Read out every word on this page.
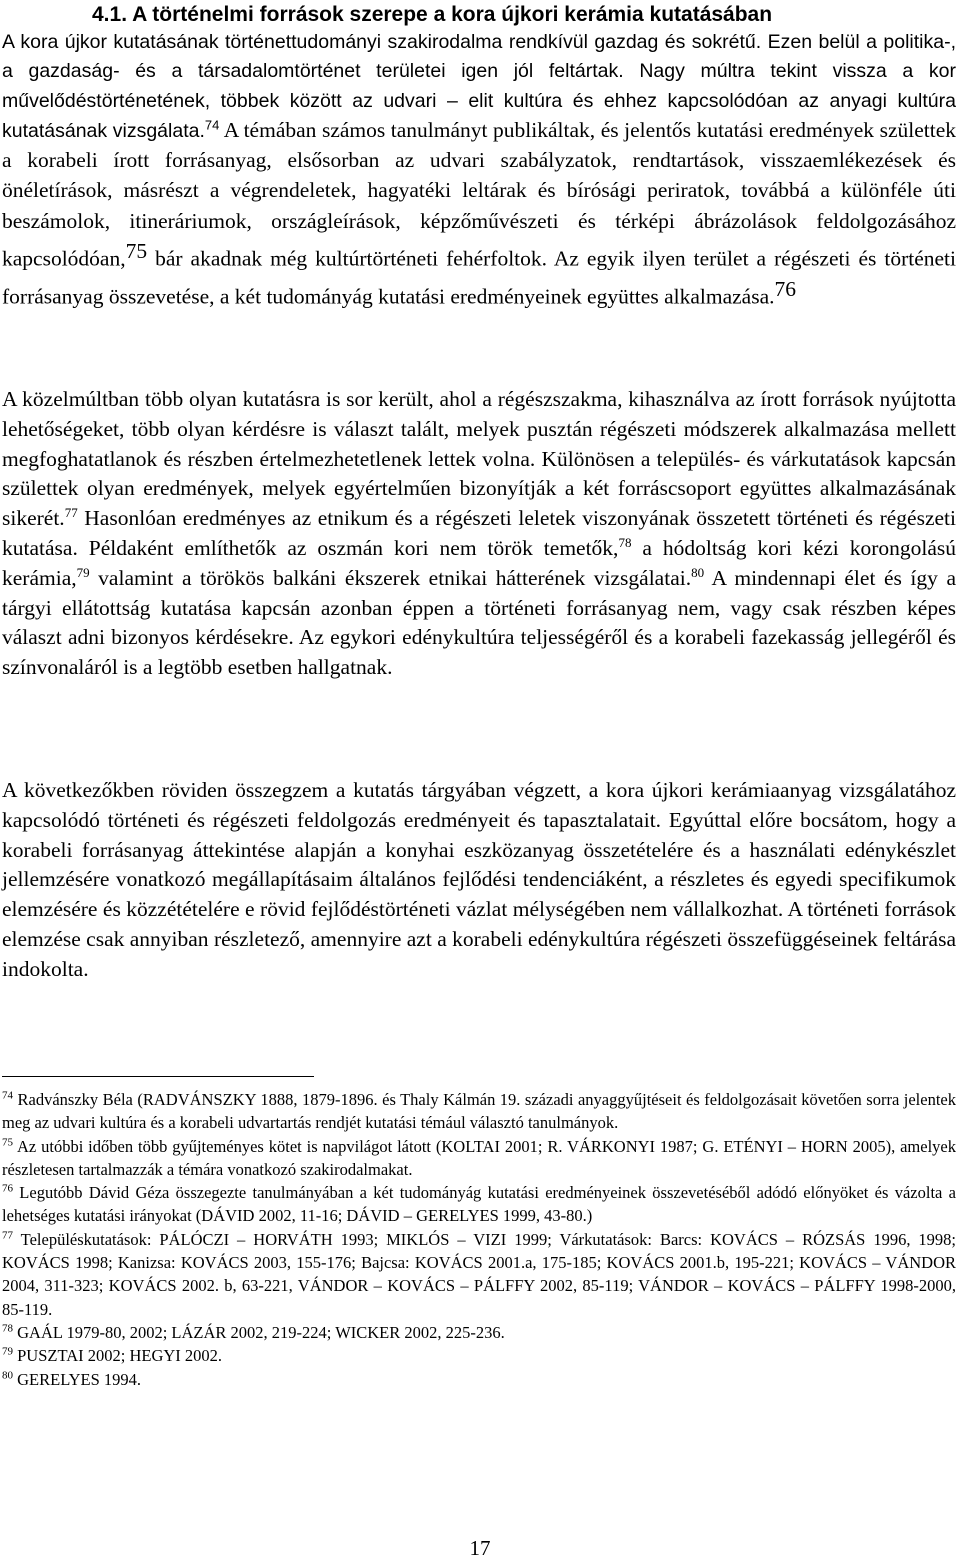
4.1. A történelmi források szerepe a kora újkori kerámia kutatásában

A kora újkor kutatásának történettudományi szakirodalma rendkívül gazdag és sokrétű. Ezen belül a politika-, a gazdaság- és a társadalomtörténet területei igen jól feltártak. Nagy múltra tekint vissza a kor művelődéstörténetének, többek között az udvari – elit kultúra és ehhez kapcsolódóan az anyagi kultúra kutatásának vizsgálata.$^{74}$ A témában számos tanulmányt publikáltak, és jelentős kutatási eredmények születtek a korabeli írott forrásanyag, elsősorban az udvari szabályzatok, rendtartások, visszaemlékezések és önéletírások, másrészt a végrendeletek, hagyatéki leltárak és bírósági periratok, továbbá a különféle úti beszámolok, itineráriumok, országleírások, képzőművészeti és térképi ábrázolások feldolgozásához kapcsolódóan,$^{75}$ bár akadnak még kultúrtörténeti fehérfoltok. Az egyik ilyen terület a régészeti és történeti forrásanyag összevetése, a két tudományág kutatási eredményeinek együttes alkalmazása.$^{76}$

A közelmúltban több olyan kutatásra is sor került, ahol a régészszakma, kihasználva az írott források nyújtotta lehetőségeket, több olyan kérdésre is választ talált, melyek pusztán régészeti módszerek alkalmazása mellett megfoghatatlanok és részben értelmezhetetlenek lettek volna. Különösen a település- és várkutatások kapcsán születtek olyan eredmények, melyek egyértelműen bizonyítják a két forráscsoport együttes alkalmazásának sikerét.$^{77}$ Hasonlóan eredményes az etnikum és a régészeti leletek viszonyának összetett történeti és régészeti kutatása. Példaként említhetők az oszmán kori nem török temetők,$^{78}$ a hódoltság kori kézi korongolású kerámia,$^{79}$ valamint a törökös balkáni ékszerek etnikai hátterének vizsgálatai.$^{80}$ A mindennapi élet és így a tárgyi ellátottság kutatása kapcsán azonban éppen a történeti forrásanyag nem, vagy csak részben képes választ adni bizonyos kérdésekre. Az egykori edénykultúra teljességéről és a korabeli fazekasság jellegéről és színvonaláról is a legtöbb esetben hallgatnak.

A következőkben röviden összegzem a kutatás tárgyában végzett, a kora újkori kerámiaanyag vizsgálatához kapcsolódó történeti és régészeti feldolgozás eredményeit és tapasztalatait. Egyúttal előre bocsátom, hogy a korabeli forrásanyag áttekintése alapján a konyhai eszközanyag összetételére és a használati edénykészlet jellemzésére vonatkozó megállapításaim általános fejlődési tendenciáként, a részletes és egyedi specifikumok elemzésére és közzétételére e rövid fejlődéstörténeti vázlat mélységében nem vállalkozhat. A történeti források elemzése csak annyiban részletező, amennyire azt a korabeli edénykultúra régészeti összefüggéseinek feltárása indokolta.

$^{74}$ Radvánszky Béla (RADVÁNSZKY 1888, 1879-1896. és Thaly Kálmán 19. századi anyaggyűjtéseit és feldolgozásait követően sorra jelentek meg az udvari kultúra és a korabeli udvartartás rendjét kutatási témául választó tanulmányok.

$^{75}$ Az utóbbi időben több gyűjteményes kötet is napvilágot látott (KOLTAI 2001; R. VÁRKONYI 1987; G. ETÉNYI – HORN 2005), amelyek részletesen tartalmazzák a témára vonatkozó szakirodalmakat.

$^{76}$ Legutóbb Dávid Géza összegezte tanulmányában a két tudományág kutatási eredményeinek összevetéséből adódó előnyöket és vázolta a lehetséges kutatási irányokat (DÁVID 2002, 11-16; DÁVID – GERELYES 1999, 43-80.)

$^{77}$ Településkutatások: PÁLÓCZI – HORVÁTH 1993; MIKLÓS – VIZI 1999; Várkutatások: Barcs: KOVÁCS – RÓZSÁS 1996, 1998; KOVÁCS 1998; Kanizsa: KOVÁCS 2003, 155-176; Bajcsa: KOVÁCS 2001.a, 175-185; KOVÁCS 2001.b, 195-221; KOVÁCS – VÁNDOR 2004, 311-323; KOVÁCS 2002. b, 63-221, VÁNDOR – KOVÁCS – PÁLFFY 2002, 85-119; VÁNDOR – KOVÁCS – PÁLFFY 1998-2000, 85-119.

$^{78}$ GAÁL 1979-80, 2002; LÁZÁR 2002, 219-224; WICKER 2002, 225-236.

$^{79}$ PUSZTAI 2002; HEGYI 2002.

$^{80}$ GERELYES 1994.

17
